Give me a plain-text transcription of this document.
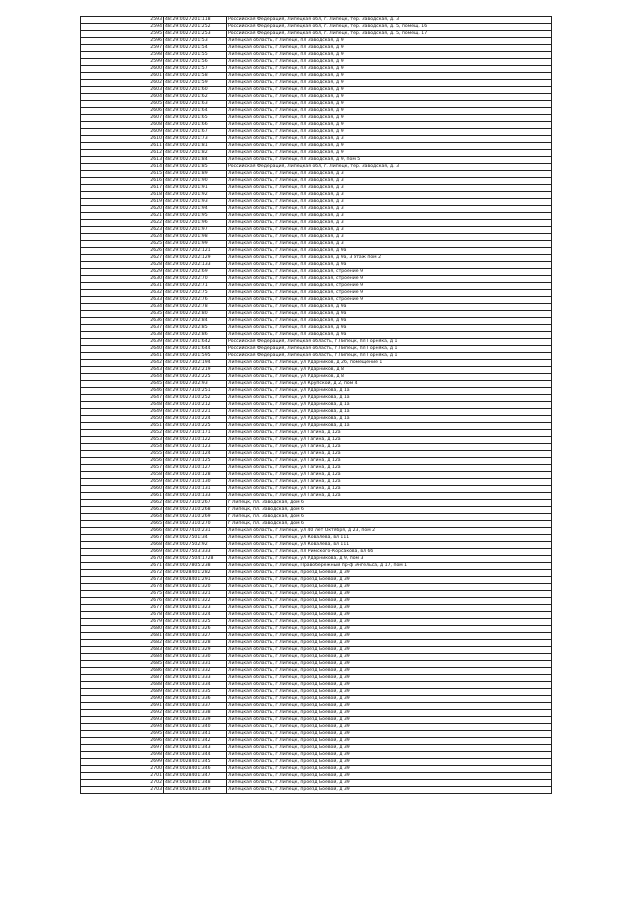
2593	48:29:0027201:118	Российская Федерация, Липецкая обл, г. Липецк, тер. Заводская, д. 3
2594	48:29:0027201:252	Российская Федерация, Липецкая обл, г. Липецк, тер. Заводская, д. 5, помещ. 16
2595	48:29:0027201:253	Российская Федерация, Липецкая обл, г. Липецк, тер. Заводская, д. 5, помещ. 17
2596	48:29:0027201:53	Липецкая область, г Липецк, пл Заводская, д 9
2597	48:29:0027201:54	Липецкая область, г Липецк, пл Заводская, д 9
2598	48:29:0027201:55	Липецкая область, г Липецк, пл Заводская, д 9
2599	48:29:0027201:56	Липецкая область, г Липецк, пл Заводская, д 9
2600	48:29:0027201:57	Липецкая область, г Липецк, пл Заводская, д 9
2601	48:29:0027201:58	Липецкая область, г Липецк, пл Заводская, д 9
2602	48:29:0027201:59	Липецкая область, г Липецк, пл Заводская, д 9
2603	48:29:0027201:60	Липецкая область, г Липецк, пл Заводская, д 9
2604	48:29:0027201:62	Липецкая область, г Липецк, пл Заводская, д 9
2605	48:29:0027201:63	Липецкая область, г Липецк, пл Заводская, д 9
2606	48:29:0027201:64	Липецкая область, г Липецк, пл Заводская, д 9
2607	48:29:0027201:65	Липецкая область, г Липецк, пл Заводская, д 9
2608	48:29:0027201:66	Липецкая область, г Липецк, пл Заводская, д 9
2609	48:29:0027201:67	Липецкая область, г Липецк, пл Заводская, д 9
2610	48:29:0027201:73	Липецкая область, г Липецк, пл Заводская, д 3
2611	48:29:0027201:81	Липецкая область, г Липецк, пл Заводская, д 9
2612	48:29:0027201:82	Липецкая область, г Липецк, пл Заводская, д 9
2613	48:29:0027201:84	Липецкая область, г Липецк, пл Заводская, д 9, пом 5
2614	48:29:0027201:85	Российская Федерация, Липецкая обл, г. Липецк, тер. Заводская, д. 3
2615	48:29:0027201:89	Липецкая область, г Липецк, пл Заводская, д 3
2616	48:29:0027201:90	Липецкая область, г Липецк, пл Заводская, д 3
2617	48:29:0027201:91	Липецкая область, г Липецк, пл Заводская, д 3
2618	48:29:0027201:92	Липецкая область, г Липецк, пл Заводская, д 3
2619	48:29:0027201:93	Липецкая область, г Липецк, пл Заводская, д 3
2620	48:29:0027201:94	Липецкая область, г Липецк, пл Заводская, д 3
2621	48:29:0027201:95	Липецкая область, г Липецк, пл Заводская, д 3
2622	48:29:0027201:96	Липецкая область, г Липецк, пл Заводская, д 3
2623	48:29:0027201:97	Липецкая область, г Липецк, пл Заводская, д 3
2624	48:29:0027201:98	Липецкая область, г Липецк, пл Заводская, д 3
2625	48:29:0027201:99	Липецкая область, г Липецк, пл Заводская, д 3
2626	48:29:0027202:121	Липецкая область, г Липецк, пл Заводская, д 9а
2627	48:29:0027202:129	Липецкая область, г Липецк, пл Заводская, д 9а, 3 этаж пом 2
2628	48:29:0027202:133	Липецкая область, г Липецк, пл Заводская, д 9а
2629	48:29:0027202:69	Липецкая область, г Липецк, пл Заводская, строение 9
2630	48:29:0027202:70	Липецкая область, г Липецк, пл Заводская, строение 9
2631	48:29:0027202:71	Липецкая область, г Липецк, пл Заводская, строение 9
2632	48:29:0027202:75	Липецкая область, г Липецк, пл Заводская, строение 9
2633	48:29:0027202:76	Липецкая область, г Липецк, пл Заводская, строение 9
2634	48:29:0027202:78	Липецкая область, г Липецк, пл Заводская, д 9а
2635	48:29:0027202:80	Липецкая область, г Липецк, пл Заводская, д 9а
2636	48:29:0027202:84	Липецкая область, г Липецк, пл Заводская, д 9а
2637	48:29:0027202:85	Липецкая область, г Липецк, пл Заводская, д 9а
2638	48:29:0027202:86	Липецкая область, г Липецк, пл Заводская, д 9а
2639	48:29:0027301:642	Российская Федерация, Липецкая область, г Липецк, пл Горняка, д 1
2640	48:29:0027301:644	Российская Федерация, Липецкая область, г Липецк, пл Горняка, д 1
2641	48:29:0027301:595	Российская Федерация, Липецкая область, г Липецк, пл Горняка, д 1
2642	48:29:0027302:194	Липецкая область, г Липецк, ул Ударников, д 26, помещение 1
2643	48:29:0027302:219	Липецкая область, г Липецк, ул Ударников, д 8
2644	48:29:0027302:225	Липецкая область, г Липецк, ул Ударников, д 8
2645	48:29:0027302:93	Липецкая область, г Липецк, ул Крупской, д 2, пом 4
2646	48:29:0027310:251	Липецкая область, г Липецк, ул Ударникова, д 1а
2647	48:29:0027310:252	Липецкая область, г Липецк, ул Ударникова, д 1а
2648	48:29:0027310:212	Липецкая область, г Липецк, ул Ударникова, д 1а
2649	48:29:0027310:221	Липецкая область, г Липецк, ул Ударникова, д 1а
2650	48:29:0027310:224	Липецкая область, г Липецк, ул Ударникова, д 1а
2651	48:29:0027310:225	Липецкая область, г Липецк, ул Ударникова, д 1а
2652	48:29:0027310:171	Липецкая область, г Липецк, ул Гагина, д 12а
2653	48:29:0027310:122	Липецкая область, г Липецк, ул Гагина, д 12а
2654	48:29:0027310:123	Липецкая область, г Липецк, ул Гагина, д 12а
2655	48:29:0027310:124	Липецкая область, г Липецк, ул Гагина, д 12а
2656	48:29:0027310:125	Липецкая область, г Липецк, ул Гагина, д 12а
2657	48:29:0027310:127	Липецкая область, г Липецк, ул Гагина, д 12а
2658	48:29:0027310:128	Липецкая область, г Липецк, ул Гагина, д 12а
2659	48:29:0027310:130	Липецкая область, г Липецк, ул Гагина, д 12а
2660	48:29:0027310:131	Липецкая область, г Липецк, ул Гагина, д 12а
2661	48:29:0027310:133	Липецкая область, г Липецк, ул Гагина, д 12а
2662	48:29:0027310:267	г Липецк, пл. Заводская, дом 6
2663	48:29:0027310:268	г Липецк, пл. Заводская, дом 6
2664	48:29:0027310:269	г Липецк, пл. Заводская, дом 6
2665	48:29:0027310:270	г Липецк, пл. Заводская, дом 6
2666	48:29:0027410:231	Липецкая область, г Липецк, ул 40 лет Октября, д 23, пом 2
2667	48:29:0027501:34	Липецкая область, г Липецк, ул Ковалева, вл 111
2668	48:29:0027502:92	Липецкая область, г Липецк, ул Ковалева, вл 111
2669	48:29:0027503:333	Липецкая область, г Липецк, пл Римского-Корсакова, вл 6б
2670	48:29:0027504:1728	Липецкая область, г Липецк, ул Ударникова, д 9, пом 3
2671	48:29:0027805:238	Липецкая область, г Липецк, Правобережный пр-ф Энгельса, д 17, пом 1
2672	48:29:0028401:282	Липецкая область, г Липецк, проезд Боевой, д 39
2673	48:29:0028401:291	Липецкая область, г Липецк, проезд Боевой, д 39
2674	48:29:0028401:320	Липецкая область, г Липецк, проезд Боевой, д 39
2675	48:29:0028401:321	Липецкая область, г Липецк, проезд Боевой, д 39
2676	48:29:0028401:322	Липецкая область, г Липецк, проезд Боевой, д 39
2677	48:29:0028401:323	Липецкая область, г Липецк, проезд Боевой, д 39
2678	48:29:0028401:324	Липецкая область, г Липецк, проезд Боевой, д 39
2679	48:29:0028401:325	Липецкая область, г Липецк, проезд Боевой, д 39
2680	48:29:0028401:326	Липецкая область, г Липецк, проезд Боевой, д 39
2681	48:29:0028401:327	Липецкая область, г Липецк, проезд Боевой, д 39
2682	48:29:0028401:328	Липецкая область, г Липецк, проезд Боевой, д 39
2683	48:29:0028401:329	Липецкая область, г Липецк, проезд Боевой, д 39
2684	48:29:0028401:330	Липецкая область, г Липецк, проезд Боевой, д 39
2685	48:29:0028401:331	Липецкая область, г Липецк, проезд Боевой, д 39
2686	48:29:0028401:332	Липецкая область, г Липецк, проезд Боевой, д 39
2687	48:29:0028401:333	Липецкая область, г Липецк, проезд Боевой, д 39
2688	48:29:0028401:334	Липецкая область, г Липецк, проезд Боевой, д 39
2689	48:29:0028401:335	Липецкая область, г Липецк, проезд Боевой, д 39
2690	48:29:0028401:336	Липецкая область, г Липецк, проезд Боевой, д 39
2691	48:29:0028401:337	Липецкая область, г Липецк, проезд Боевой, д 39
2692	48:29:0028401:338	Липецкая область, г Липецк, проезд Боевой, д 39
2693	48:29:0028401:339	Липецкая область, г Липецк, проезд Боевой, д 39
2694	48:29:0028401:340	Липецкая область, г Липецк, проезд Боевой, д 39
2695	48:29:0028401:341	Липецкая область, г Липецк, проезд Боевой, д 39
2696	48:29:0028401:342	Липецкая область, г Липецк, проезд Боевой, д 39
2697	48:29:0028401:343	Липецкая область, г Липецк, проезд Боевой, д 39
2698	48:29:0028401:344	Липецкая область, г Липецк, проезд Боевой, д 39
2699	48:29:0028401:345	Липецкая область, г Липецк, проезд Боевой, д 39
2700	48:29:0028401:346	Липецкая область, г Липецк, проезд Боевой, д 39
2701	48:29:0028401:347	Липецкая область, г Липецк, проезд Боевой, д 39
2702	48:29:0028401:348	Липецкая область, г Липецк, проезд Боевой, д 39
2703	48:29:0028401:349	Липецкая область, г Липецк, проезд Боевой, д 39
